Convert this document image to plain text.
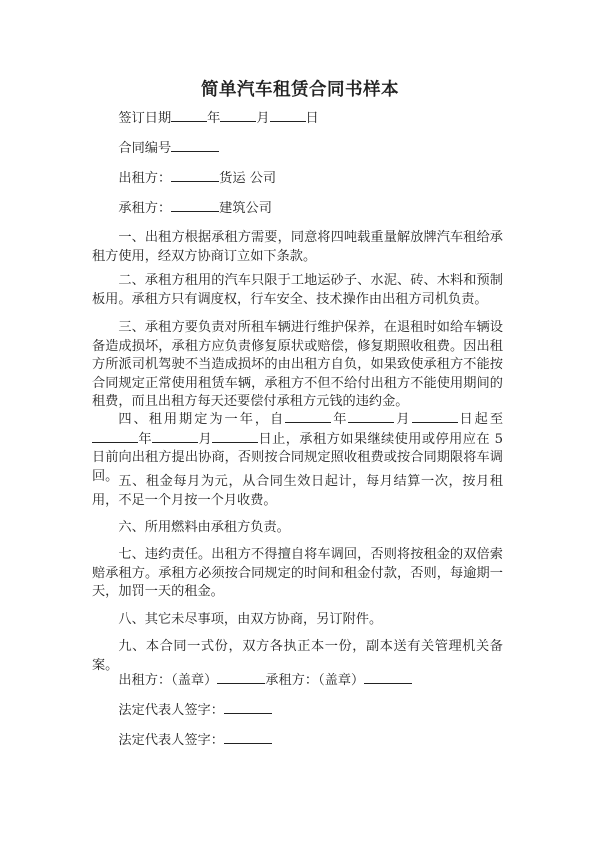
简单汽车租赁合同书样本
签订日期	年	月	日
合同编号
出租方：	货运 公司
承租方：	建筑公司
一、出租方根据承租方需要，同意将四吨载重量解放牌汽车租给承租方使用，经双方协商订立如下条款。
二、承租方租用的汽车只限于工地运砂子、水泥、砖、木料和预制板用。承租方只有调度权，行车安全、技术操作由出租方司机负责。
三、承租方要负责对所租车辆进行维护保养，在退租时如给车辆设备造成损坏，承租方应负责修复原状或赔偿，修复期照收租费。因出租方所派司机驾驶不当造成损坏的由出租方自负，如果致使承租方不能按合同规定正常使用租赁车辆，承租方不但不给付出租方不能使用期间的租费，而且出租方每天还要偿付承租方元钱的违约金。
四、租用期定为一年，自	年	月	日起至年	月	日止，承租方如果继续使用或停用应在 5 日前向出租方提出协商，否则按合同规定照收租费或按合同期限将车调回。 五、租金每月为元，从合同生效日起计，每月结算一次，按月租用，不足一个月按一个月收费。
六、所用燃料由承租方负责。
七、违约责任。出租方不得擅自将车调回，否则将按租金的双倍索赔承租方。承租方必须按合同规定的时间和租金付款，否则，每逾期一天，加罚一天的租金。
八、其它未尽事项，由双方协商，另订附件。
九、本合同一式份，双方各执正本一份，副本送有关管理机关备案。
出租方：（盖章）	承租方：（盖章）
法定代表人签字：
法定代表人签字：
